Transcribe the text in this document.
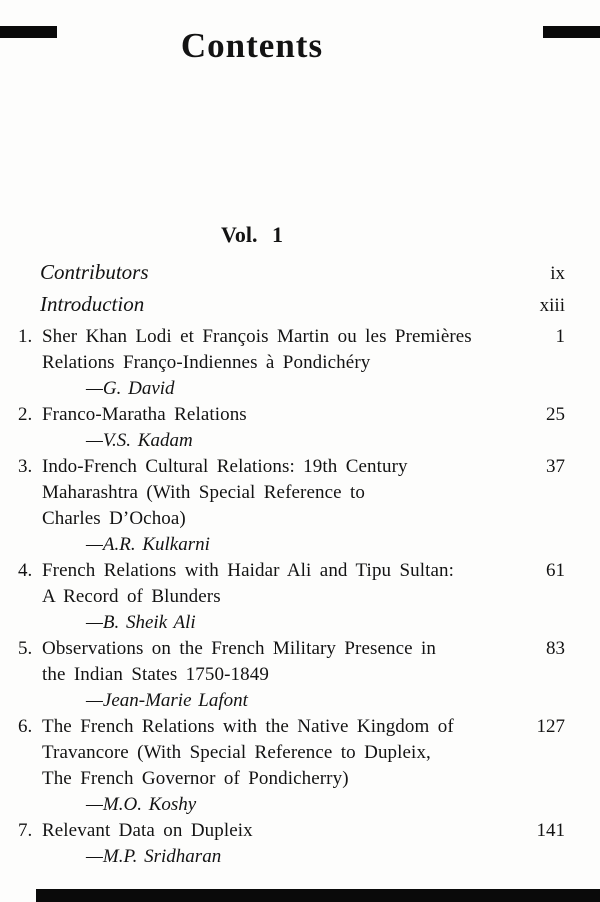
Contents
Vol. 1
Contributors	ix
Introduction	xiii
1. Sher Khan Lodi et François Martin ou les Premières
Relations Franço-Indiennes à Pondichéry
—G. David
1
2. Franco-Maratha Relations
—V.S. Kadam
25
3. Indo-French Cultural Relations: 19th Century
Maharashtra (With Special Reference to
Charles D’Ochoa)
—A.R. Kulkarni
37
4. French Relations with Haidar Ali and Tipu Sultan:
A Record of Blunders
—B. Sheik Ali
61
5. Observations on the French Military Presence in
the Indian States 1750-1849
—Jean-Marie Lafont
83
6. The French Relations with the Native Kingdom of
Travancore (With Special Reference to Dupleix,
The French Governor of Pondicherry)
—M.O. Koshy
127
7. Relevant Data on Dupleix
—M.P. Sridharan
141
